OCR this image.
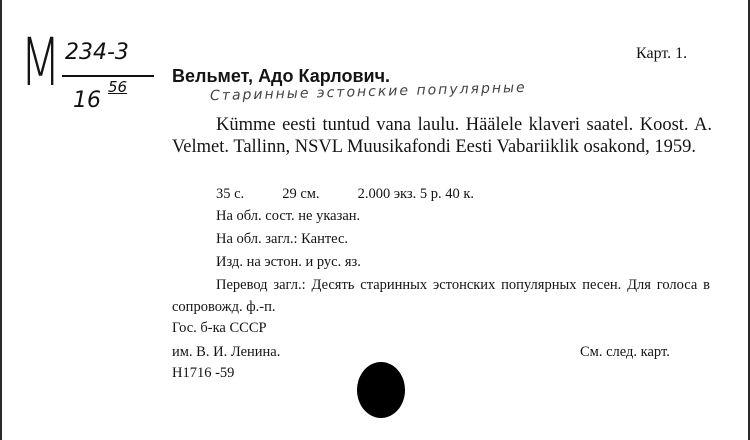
M 234-3
16
56
Карт. 1.
Вельмет, Адо Карлович.
Старинные эстонские популярные
Kümme eesti tuntud vana laulu. Häälele klaveri saatel. Koost. A. Velmet. Tallinn, NSVL Muusikafondi Eesti Vabariiklik osakond, 1959.
35 с.	29 см.	2.000 экз. 5 р. 40 к.
На обл. сост. не указан.
На обл. загл.: Кантес.
Изд. на эстон. и рус. яз.
Перевод загл.: Десять старинных эстонских популярных песен. Для голоса в сопровожд. ф.-п.
Гос. б-ка СССР
им. В. И. Ленина.	См. след. карт.
H1716 -59
